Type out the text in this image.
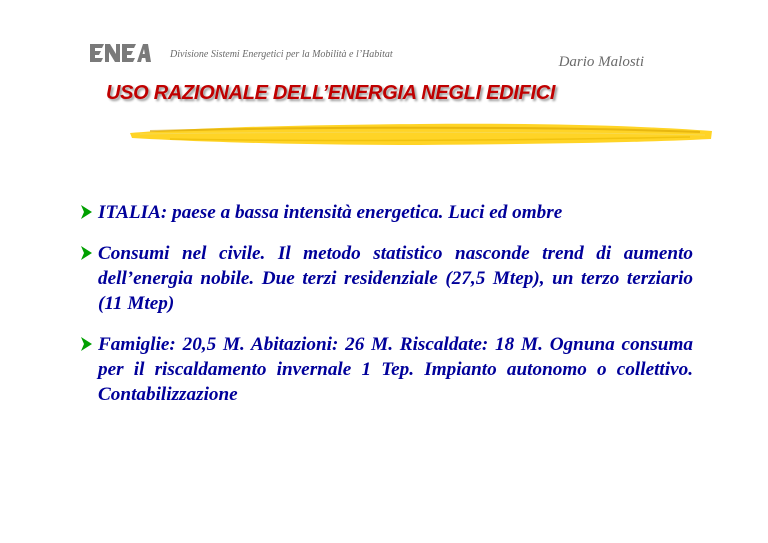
Divisione Sistemi Energetici per la Mobilità e l’Habitat	Dario Malosti
USO RAZIONALE DELL’ENERGIA NEGLI EDIFICI
ITALIA: paese a bassa intensità energetica. Luci ed ombre
Consumi nel civile. Il metodo statistico nasconde trend di aumento dell’energia nobile. Due terzi residenziale (27,5 Mtep), un terzo terziario (11 Mtep)
Famiglie: 20,5 M. Abitazioni: 26 M. Riscaldate: 18 M. Ognuna consuma per il riscaldamento invernale 1 Tep. Impianto autonomo o collettivo. Contabilizzazione
